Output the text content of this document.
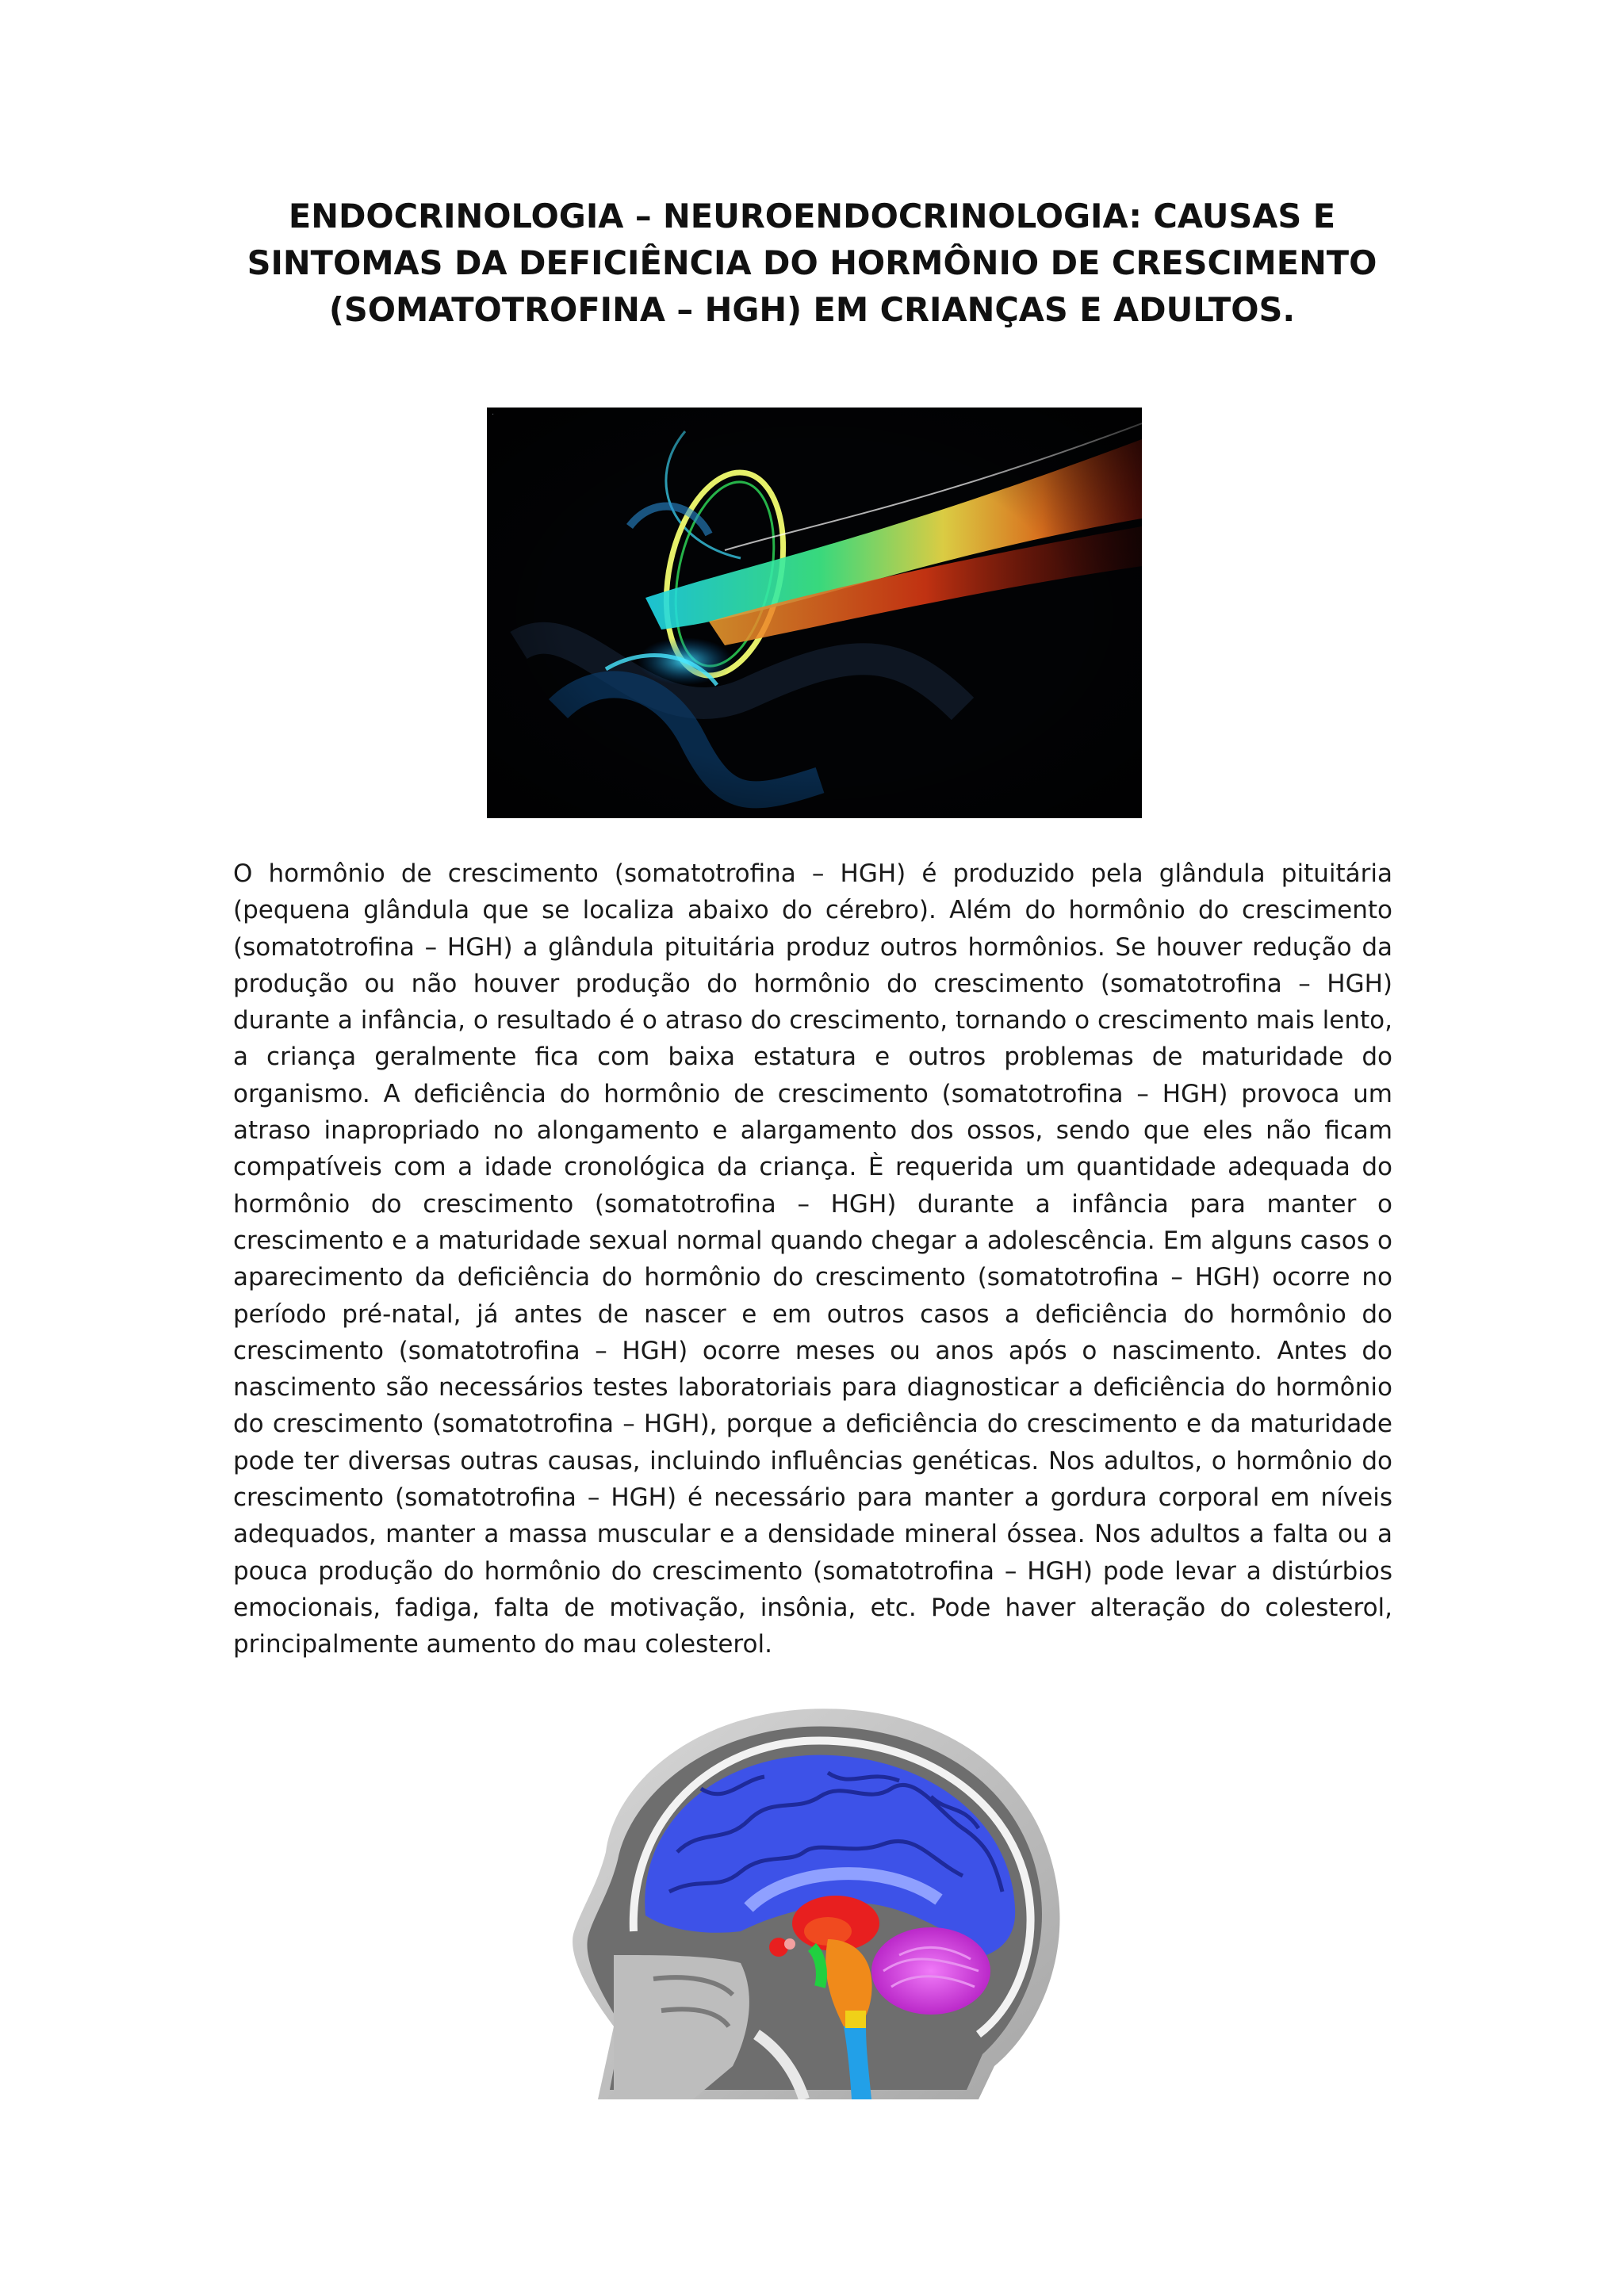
ENDOCRINOLOGIA – NEUROENDOCRINOLOGIA: CAUSAS E SINTOMAS DA DEFICIÊNCIA DO HORMÔNIO DE CRESCIMENTO (SOMATOTROFINA – HGH) EM CRIANÇAS E ADULTOS.
·

O hormônio de crescimento (somatotrofina – HGH) é produzido pela glândula pituitária (pequena glândula que se localiza abaixo do cérebro). Além do hormônio do crescimento (somatotrofina – HGH) a glândula pituitária produz outros hormônios. Se houver redução da produção ou não houver produção do hormônio do crescimento (somatotrofina – HGH) durante a infância, o resultado é o atraso do crescimento, tornando o crescimento mais lento, a criança geralmente fica com baixa estatura e outros problemas de maturidade do organismo. A deficiência do hormônio de crescimento (somatotrofina – HGH) provoca um atraso inapropriado no alongamento e alargamento dos ossos, sendo que eles não ficam compatíveis com a idade cronológica da criança. È requerida um quantidade adequada do hormônio do crescimento (somatotrofina – HGH) durante a infância para manter o crescimento e a maturidade sexual normal quando chegar a adolescência. Em alguns casos o aparecimento da deficiência do hormônio do crescimento (somatotrofina – HGH) ocorre no período pré-natal, já antes de nascer e em outros casos a deficiência do hormônio do crescimento (somatotrofina – HGH) ocorre meses ou anos após o nascimento. Antes do nascimento são necessários testes laboratoriais para diagnosticar a deficiência do hormônio do crescimento (somatotrofina – HGH), porque a deficiência do crescimento e da maturidade pode ter diversas outras causas, incluindo influências genéticas. Nos adultos, o hormônio do crescimento (somatotrofina – HGH) é necessário para manter a gordura corporal em níveis adequados, manter a massa muscular e a densidade mineral óssea. Nos adultos a falta ou a pouca produção do hormônio do crescimento (somatotrofina – HGH) pode levar a distúrbios emocionais, fadiga, falta de motivação, insônia, etc. Pode haver alteração do colesterol, principalmente aumento do mau colesterol.
